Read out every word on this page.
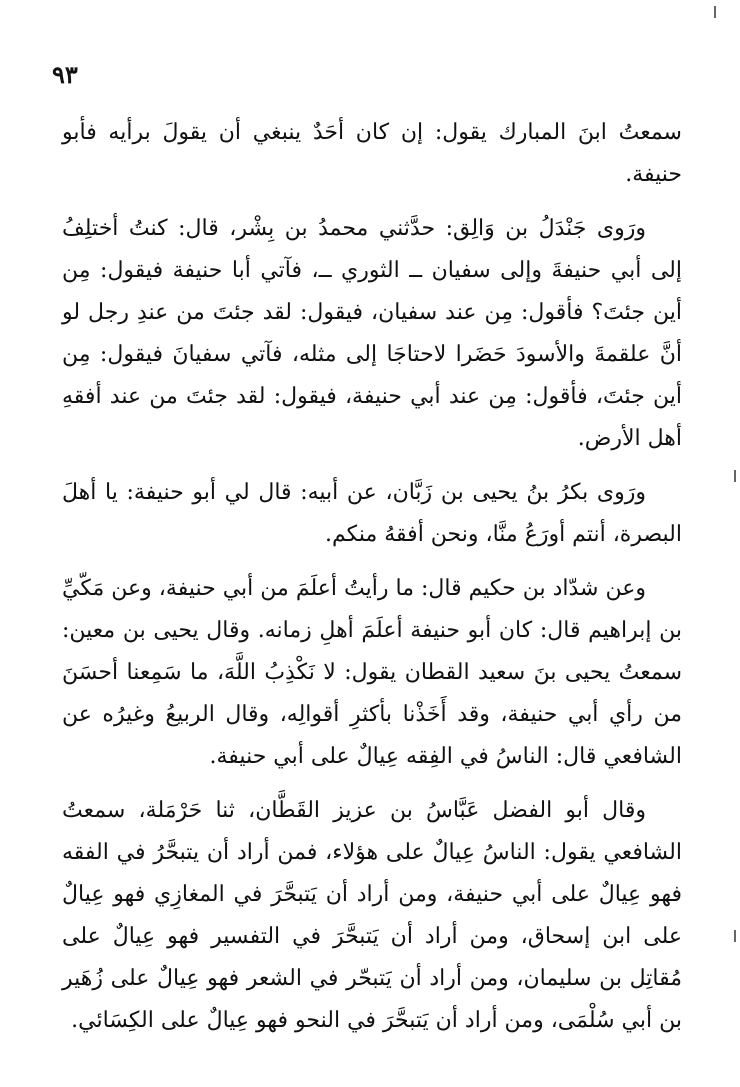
٩٣

سمعتُ ابنَ المبارك يقول: إن كان أحَدٌ ينبغي أن يقولَ برأيه فأبو حنيفة.

ورَوى جَنْدَلُ بن وَالِق: حدَّثني محمدُ بن بِشْر، قال: كنتُ أختلِفُ إلى أبي حنيفةَ وإلى سفيان ــ الثوري ــ، فآتي أبا حنيفة فيقول: مِن أين جئتَ؟ فأقول: مِن عند سفيان، فيقول: لقد جئتَ من عندِ رجل لو أنَّ علقمةَ والأسودَ حَضَرا لاحتاجَا إلى مثله، فآتي سفيانَ فيقول: مِن أين جئتَ، فأقول: مِن عند أبي حنيفة، فيقول: لقد جئتَ من عند أفقهِ أهل الأرض.

ورَوى بكرُ بنُ يحيى بن زَبَّان، عن أبيه: قال لي أبو حنيفة: يا أهلَ البصرة، أنتم أورَعُ منَّا، ونحن أفقهُ منكم.

وعن شدّاد بن حكيم قال: ما رأيتُ أعلَمَ من أبي حنيفة، وعن مَكّيِّ بن إبراهيم قال: كان أبو حنيفة أعلَمَ أهلِ زمانه. وقال يحيى بن معين: سمعتُ يحيى بنَ سعيد القطان يقول: لا نَكْذِبُ اللَّهَ، ما سَمِعنا أحسَنَ من رأي أبي حنيفة، وقد أَخَذْنا بأكثرِ أقوالِه، وقال الربيعُ وغيرُه عن الشافعي قال: الناسُ في الفِقه عِيالٌ على أبي حنيفة.

وقال أبو الفضل عَبَّاسُ بن عزيز القَطَّان، ثنا حَرْمَلة، سمعتُ الشافعي يقول: الناسُ عِيالٌ على هؤلاء، فمن أراد أن يتبحَّرُ في الفقه فهو عِيالٌ على أبي حنيفة، ومن أراد أن يَتبحَّرَ في المغازِي فهو عِيالٌ على ابن إسحاق، ومن أراد أن يَتبحَّرَ في التفسير فهو عِيالٌ على مُقاتِل بن سليمان، ومن أراد أن يَتبحّر في الشعر فهو عِيالٌ على زُهَير بن أبي سُلْمَى، ومن أراد أن يَتبحَّرَ في النحو فهو عِيالٌ على الكِسَائي.
